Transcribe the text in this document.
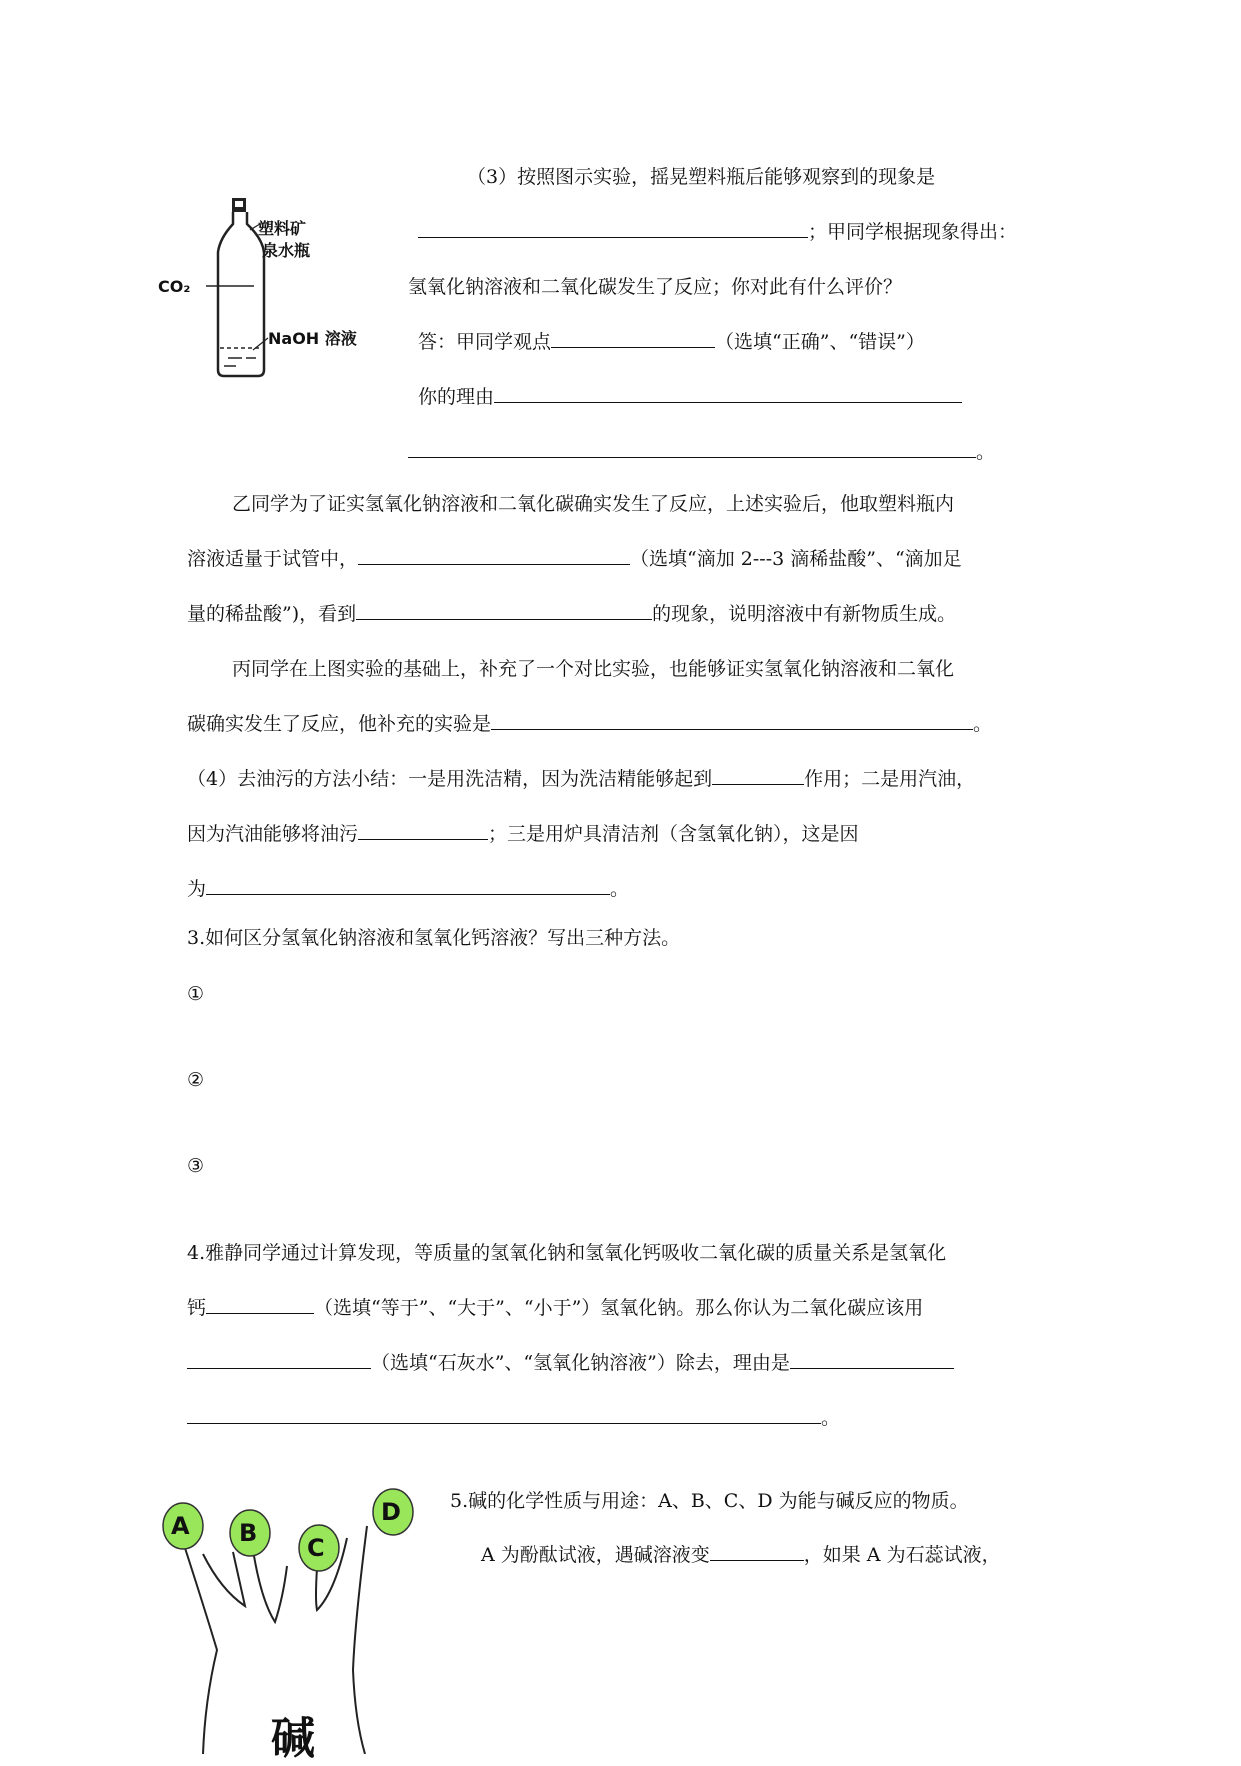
塑料矿
泉水瓶
CO₂
NaOH 溶液
（3）按照图示实验，摇晃塑料瓶后能够观察到的现象是
；甲同学根据现象得出：
氢氧化钠溶液和二氧化碳发生了反应；你对此有什么评价？
答：甲同学观点	（选填“正确”、“错误”）
你的理由
。
乙同学为了证实氢氧化钠溶液和二氧化碳确实发生了反应，上述实验后，他取塑料瓶内
溶液适量于试管中，	（选填“滴加 2---3 滴稀盐酸”、“滴加足
量的稀盐酸”)，看到	的现象，说明溶液中有新物质生成。
丙同学在上图实验的基础上，补充了一个对比实验，也能够证实氢氧化钠溶液和二氧化
碳确实发生了反应，他补充的实验是	。
（4）去油污的方法小结：一是用洗洁精，因为洗洁精能够起到	作用；二是用汽油，
因为汽油能够将油污	；三是用炉具清洁剂（含氢氧化钠），这是因
为	。
3.如何区分氢氧化钠溶液和氢氧化钙溶液？写出三种方法。
①
②
③
4.雅静同学通过计算发现，等质量的氢氧化钠和氢氧化钙吸收二氧化碳的质量关系是氢氧化
钙	（选填“等于”、“大于”、“小于”）氢氧化钠。那么你认为二氧化碳应该用
（选填“石灰水”、“氢氧化钠溶液”）除去，理由是
。
5.碱的化学性质与用途：A、B、C、D 为能与碱反应的物质。
A 为酚酞试液，遇碱溶液变	，如果 A 为石蕊试液，
A B
C
D
碱
